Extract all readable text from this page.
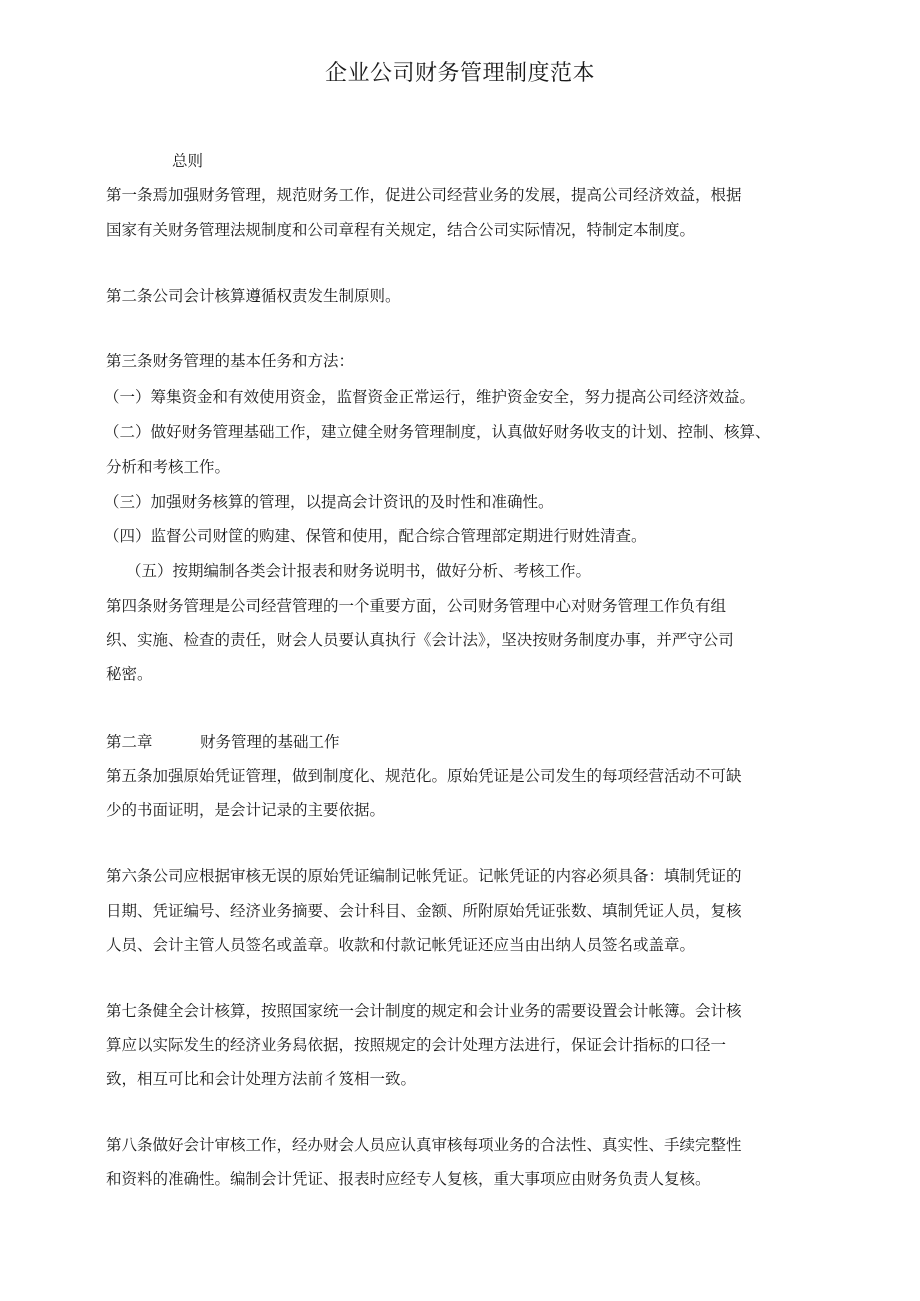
企业公司财务管理制度范本
总则
第一条焉加强财务管理，规范财务工作，促进公司经营业务的发展，提高公司经济效益，根据
国家有关财务管理法规制度和公司章程有关规定，结合公司实际情况，特制定本制度。
第二条公司会计核算遵循权责发生制原则。
第三条财务管理的基本任务和方法：
（一）筹集资金和有效使用资金，监督资金正常运行，维护资金安全，努力提高公司经济效益。
（二）做好财务管理基础工作，建立健全财务管理制度，认真做好财务收支的计划、控制、核算、
分析和考核工作。
（三）加强财务核算的管理，以提高会计资讯的及时性和准确性。
（四）监督公司财筐的购建、保管和使用，配合综合管理部定期进行财姓清查。
（五）按期编制各类会计报表和财务说明书，做好分析、考核工作。
第四条财务管理是公司经营管理的一个重要方面，公司财务管理中心对财务管理工作负有组
织、实施、检查的责任，财会人员要认真执行《会计法》，坚决按财务制度办事，并严守公司
秘密。
第二章	财务管理的基础工作
第五条加强原始凭证管理，做到制度化、规范化。原始凭证是公司发生的每项经营活动不可缺
少的书面证明，是会计记录的主要依据。
第六条公司应根据审核无误的原始凭证编制记帐凭证。记帐凭证的内容必须具备：填制凭证的
日期、凭证编号、经济业务摘要、会计科目、金额、所附原始凭证张数、填制凭证人员，复核
人员、会计主管人员签名或盖章。收款和付款记帐凭证还应当由出纳人员签名或盖章。
第七条健全会计核算，按照国家统一会计制度的规定和会计业务的需要设置会计帐簿。会计核
算应以实际发生的经济业务舄依据，按照规定的会计处理方法进行，保证会计指标的口径一
致，相互可比和会计处理方法前彳笈相一致。
第八条做好会计审核工作，经办财会人员应认真审核每项业务的合法性、真实性、手续完整性
和资料的准确性。编制会计凭证、报表时应经专人复核，重大事项应由财务负责人复核。
